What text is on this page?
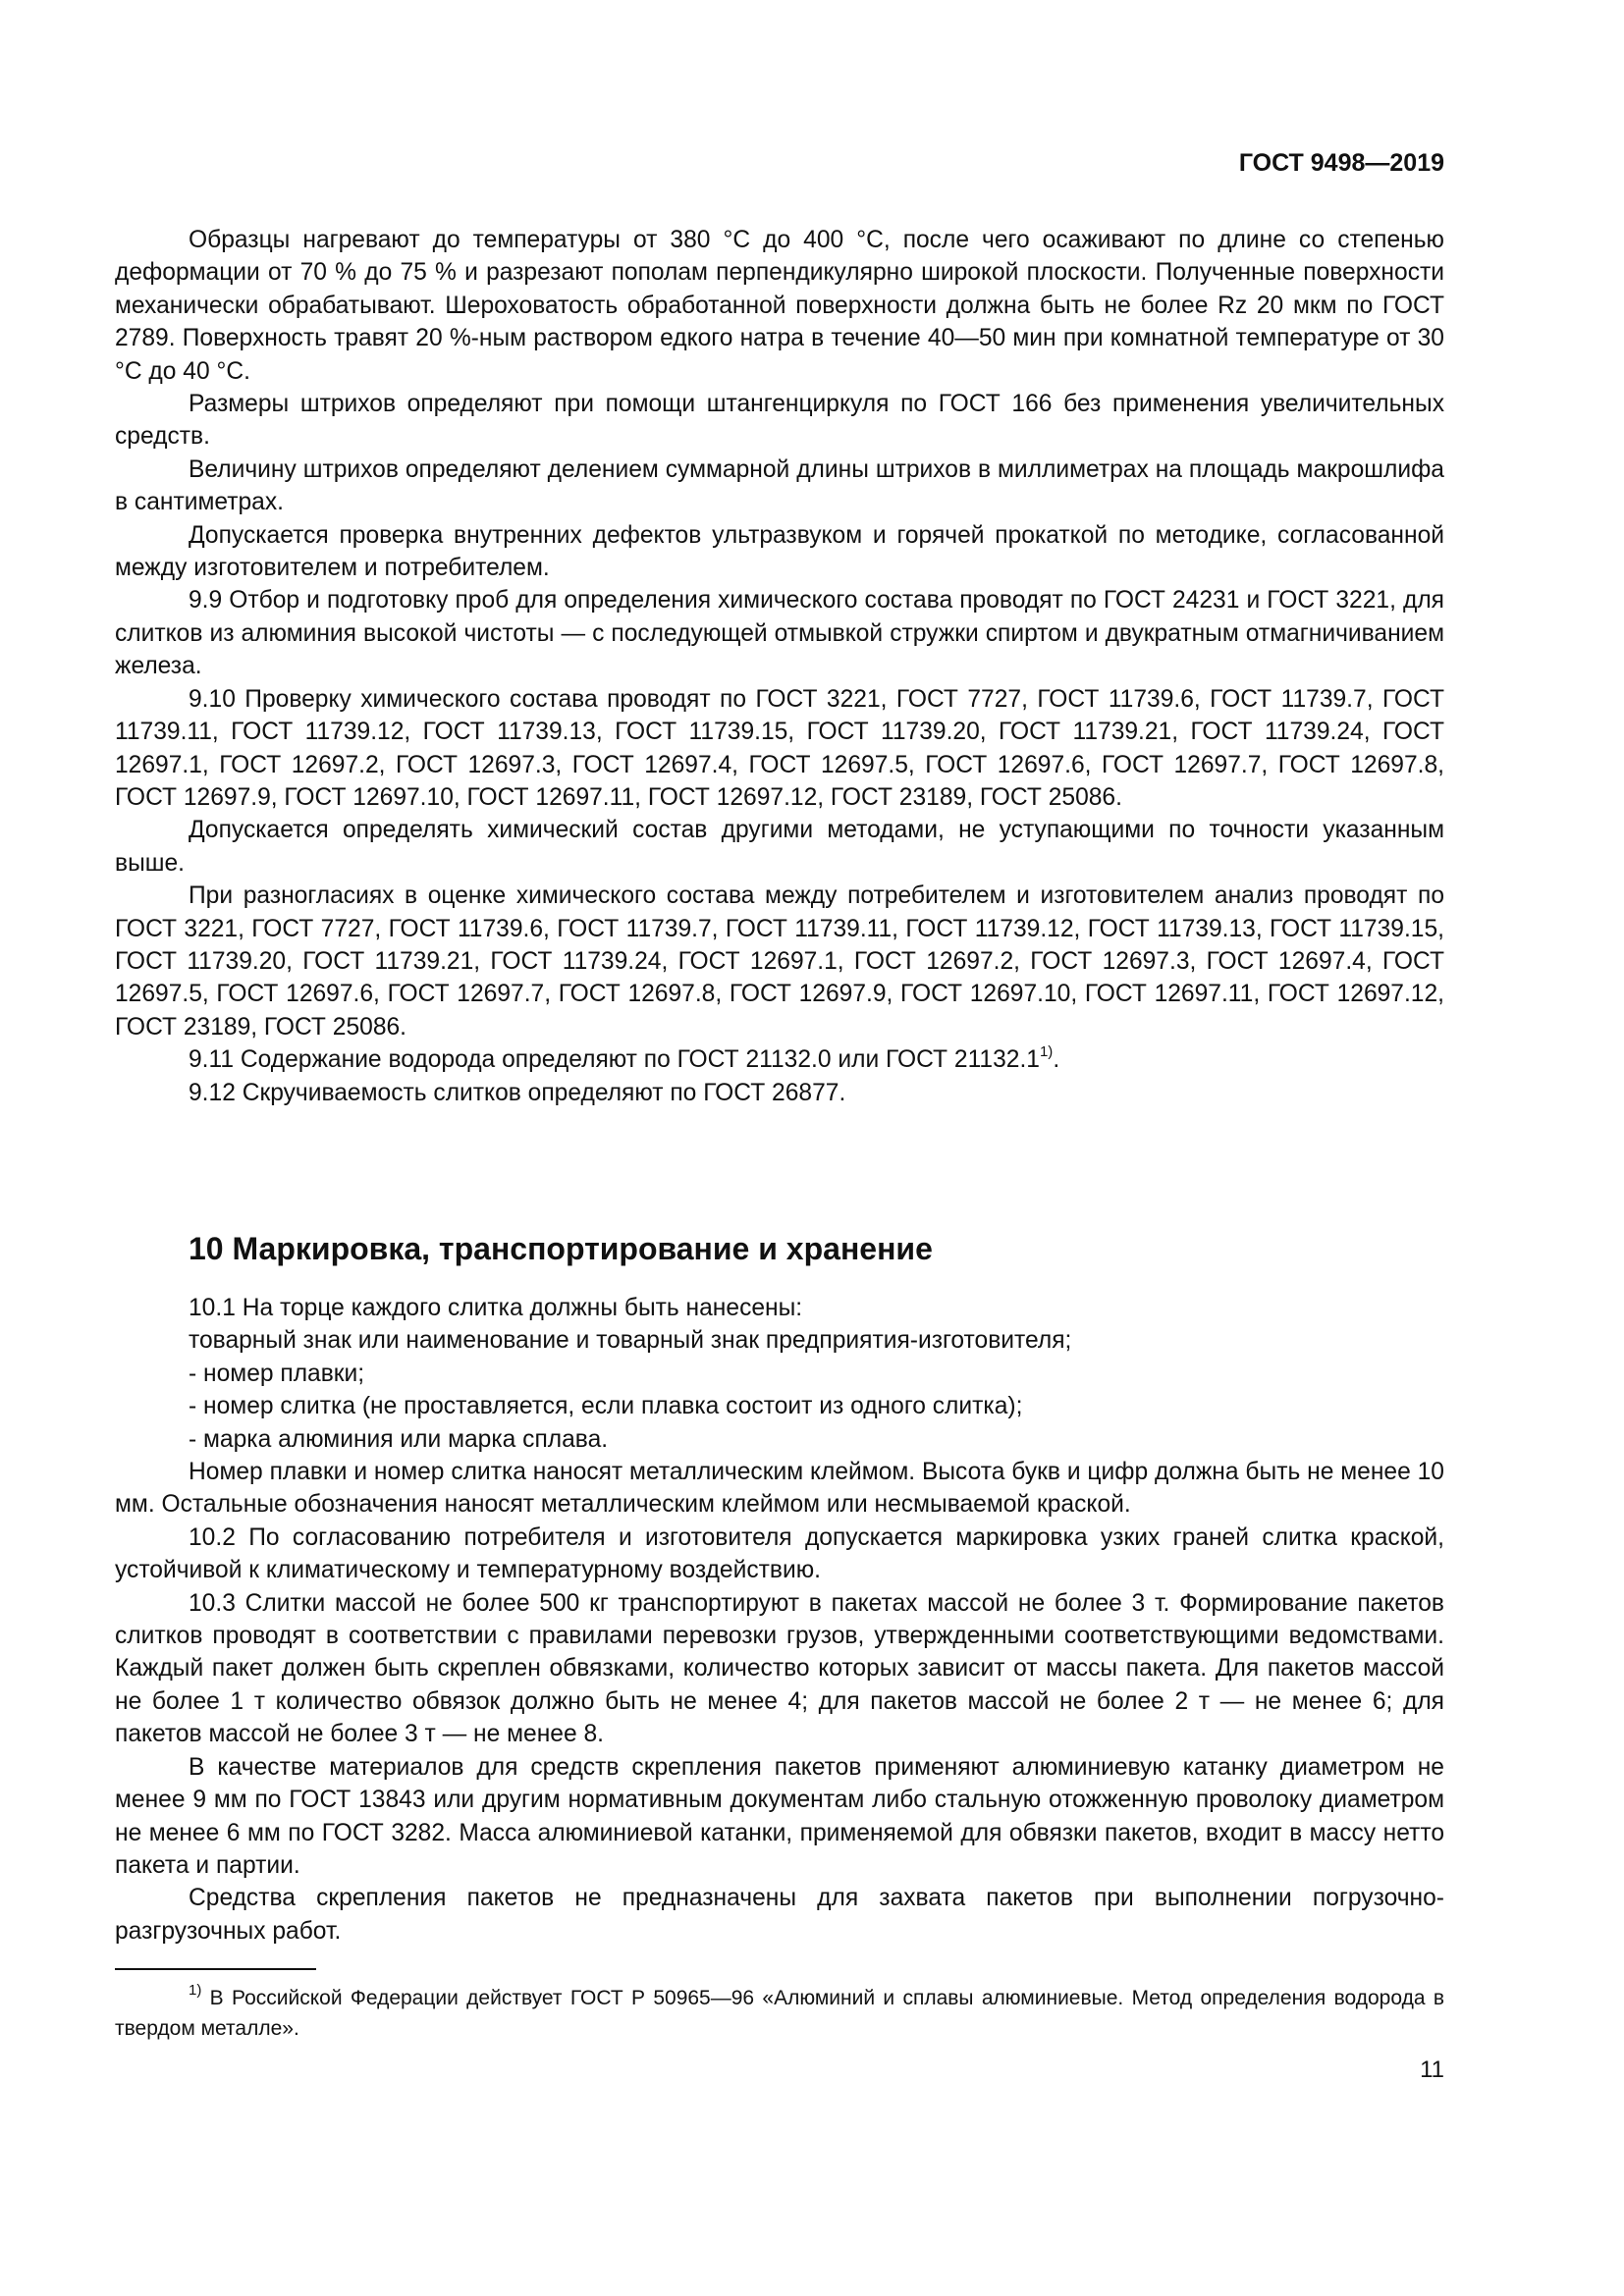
ГОСТ 9498—2019

Образцы нагревают до температуры от 380 °С до 400 °С, после чего осаживают по длине со степенью деформации от 70 % до 75 % и разрезают пополам перпендикулярно широкой плоскости. Полученные поверхности механически обрабатывают. Шероховатость обработанной поверхности должна быть не более Rz 20 мкм по ГОСТ 2789. Поверхность травят 20 %-ным раствором едкого натра в течение 40—50 мин при комнатной температуре от 30 °С до 40 °С.

Размеры штрихов определяют при помощи штангенциркуля по ГОСТ 166 без применения увеличительных средств.

Величину штрихов определяют делением суммарной длины штрихов в миллиметрах на площадь макрошлифа в сантиметрах.

Допускается проверка внутренних дефектов ультразвуком и горячей прокаткой по методике, согласованной между изготовителем и потребителем.

9.9 Отбор и подготовку проб для определения химического состава проводят по ГОСТ 24231 и ГОСТ 3221, для слитков из алюминия высокой чистоты — с последующей отмывкой стружки спиртом и двукратным отмагничиванием железа.

9.10 Проверку химического состава проводят по ГОСТ 3221, ГОСТ 7727, ГОСТ 11739.6, ГОСТ 11739.7, ГОСТ 11739.11, ГОСТ 11739.12, ГОСТ 11739.13, ГОСТ 11739.15, ГОСТ 11739.20, ГОСТ 11739.21, ГОСТ 11739.24, ГОСТ 12697.1, ГОСТ 12697.2, ГОСТ 12697.3, ГОСТ 12697.4, ГОСТ 12697.5, ГОСТ 12697.6, ГОСТ 12697.7, ГОСТ 12697.8, ГОСТ 12697.9, ГОСТ 12697.10, ГОСТ 12697.11, ГОСТ 12697.12, ГОСТ 23189, ГОСТ 25086.

Допускается определять химический состав другими методами, не уступающими по точности указанным выше.

При разногласиях в оценке химического состава между потребителем и изготовителем анализ проводят по ГОСТ 3221, ГОСТ 7727, ГОСТ 11739.6, ГОСТ 11739.7, ГОСТ 11739.11, ГОСТ 11739.12, ГОСТ 11739.13, ГОСТ 11739.15, ГОСТ 11739.20, ГОСТ 11739.21, ГОСТ 11739.24, ГОСТ 12697.1, ГОСТ 12697.2, ГОСТ 12697.3, ГОСТ 12697.4, ГОСТ 12697.5, ГОСТ 12697.6, ГОСТ 12697.7, ГОСТ 12697.8, ГОСТ 12697.9, ГОСТ 12697.10, ГОСТ 12697.11, ГОСТ 12697.12, ГОСТ 23189, ГОСТ 25086.

9.11 Содержание водорода определяют по ГОСТ 21132.0 или ГОСТ 21132.1$^{1)}$.

9.12 Скручиваемость слитков определяют по ГОСТ 26877.

10 Маркировка, транспортирование и хранение

10.1 На торце каждого слитка должны быть нанесены:

товарный знак или наименование и товарный знак предприятия-изготовителя;

- номер плавки;

- номер слитка (не проставляется, если плавка состоит из одного слитка);

- марка алюминия или марка сплава.

Номер плавки и номер слитка наносят металлическим клеймом. Высота букв и цифр должна быть не менее 10 мм. Остальные обозначения наносят металлическим клеймом или несмываемой краской.

10.2 По согласованию потребителя и изготовителя допускается маркировка узких граней слитка краской, устойчивой к климатическому и температурному воздействию.

10.3 Слитки массой не более 500 кг транспортируют в пакетах массой не более 3 т. Формирование пакетов слитков проводят в соответствии с правилами перевозки грузов, утвержденными соответствующими ведомствами. Каждый пакет должен быть скреплен обвязками, количество которых зависит от массы пакета. Для пакетов массой не более 1 т количество обвязок должно быть не менее 4; для пакетов массой не более 2 т — не менее 6; для пакетов массой не более 3 т — не менее 8.

В качестве материалов для средств скрепления пакетов применяют алюминиевую катанку диаметром не менее 9 мм по ГОСТ 13843 или другим нормативным документам либо стальную отожженную проволоку диаметром не менее 6 мм по ГОСТ 3282. Масса алюминиевой катанки, применяемой для обвязки пакетов, входит в массу нетто пакета и партии.

Средства скрепления пакетов не предназначены для захвата пакетов при выполнении погрузочно-разгрузочных работ.

$^{1)}$ В Российской Федерации действует ГОСТ Р 50965—96 «Алюминий и сплавы алюминиевые. Метод определения водорода в твердом металле».

11
